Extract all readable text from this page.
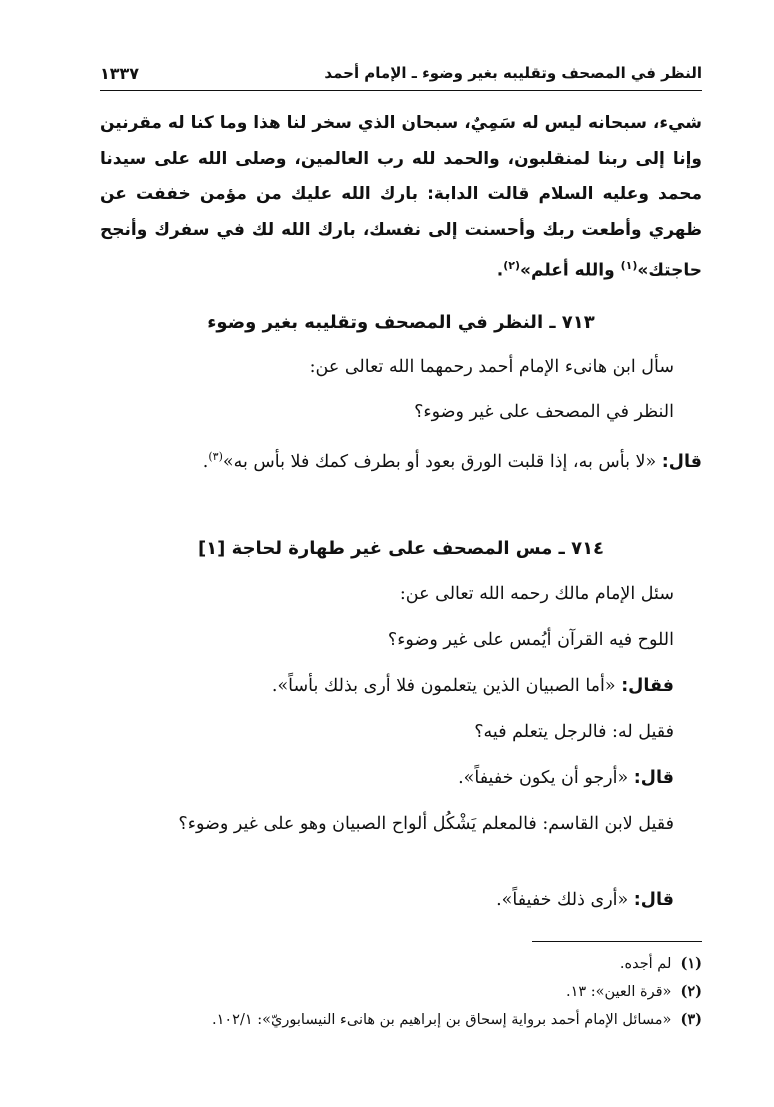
النظر في المصحف وتقليبه بغير وضوء ـ الإمام أحمد
١٣٣٧
شيء، سبحانه ليس له سَمِيٌ، سبحان الذي سخر لنا هذا وما كنا له مقرنين وإنا إلى ربنا لمنقلبون، والحمد لله رب العالمين، وصلى الله على سيدنا محمد وعليه السلام قالت الدابة: بارك الله عليك من مؤمن خففت عن ظهري وأطعت ربك وأحسنت إلى نفسك، بارك الله لك في سفرك وأنجح حاجتك»$^{(١)}$ والله أعلم»$^{(٢)}$.
٧١٣ ـ النظر في المصحف وتقليبه بغير وضوء
سأل ابن هانىء الإمام أحمد رحمهما الله تعالى عن:
النظر في المصحف على غير وضوء؟
قال: «لا بأس به، إذا قلبت الورق بعود أو بطرف كمك فلا بأس به»$^{(٣)}$.
٧١٤ ـ مس المصحف على غير طهارة لحاجة [١]
سئل الإمام مالك رحمه الله تعالى عن:
اللوح فيه القرآن أيُمس على غير وضوء؟
فقال: «أما الصبيان الذين يتعلمون فلا أرى بذلك بأساً».
فقيل له: فالرجل يتعلم فيه؟
قال: «أرجو أن يكون خفيفاً».
فقيل لابن القاسم: فالمعلم يَشْكُل ألواح الصبيان وهو على غير وضوء؟
قال: «أرى ذلك خفيفاً».
(١) لم أجده.
(٢) «قرة العين»: ١٣.
(٣) «مسائل الإمام أحمد برواية إسحاق بن إبراهيم بن هانىء النيسابوريّ»: ١٠٢/١.
